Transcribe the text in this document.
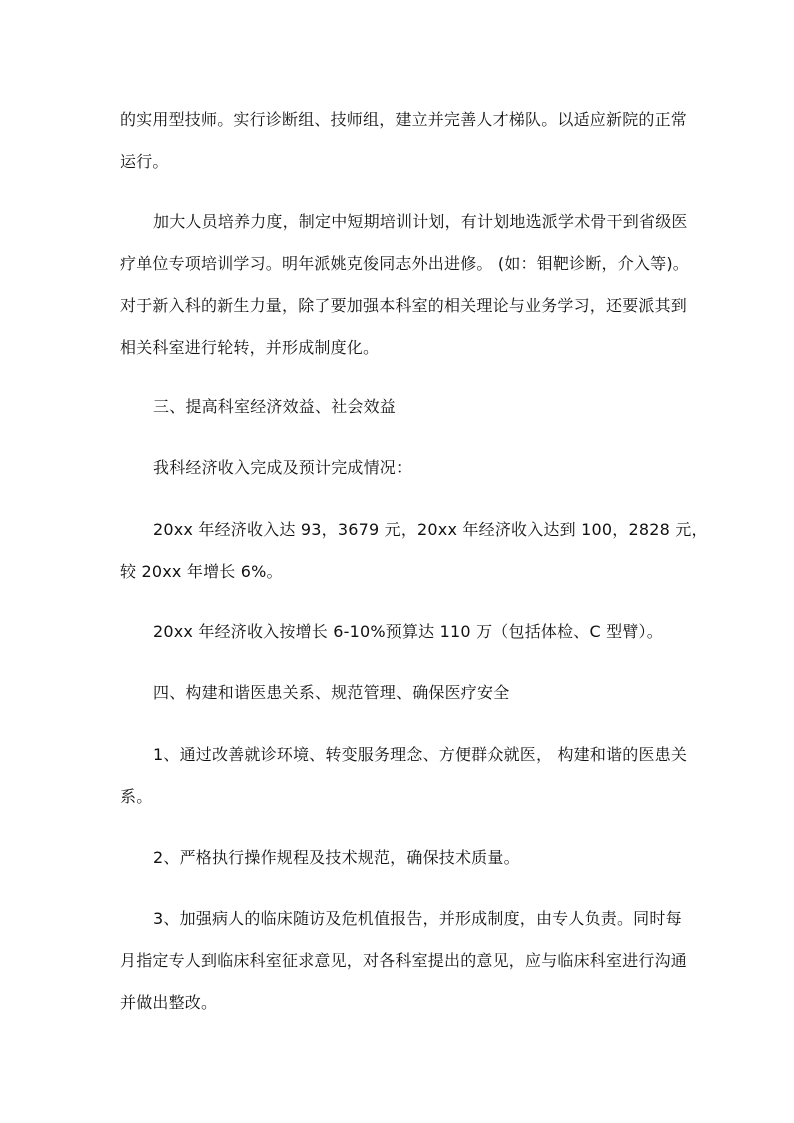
的实用型技师。实行诊断组、技师组，建立并完善人才梯队。以适应新院的正常

运行。

加大人员培养力度，制定中短期培训计划，有计划地选派学术骨干到省级医

疗单位专项培训学习。明年派姚克俊同志外出进修。 (如：钼靶诊断，介入等)。

对于新入科的新生力量，除了要加强本科室的相关理论与业务学习，还要派其到

相关科室进行轮转，并形成制度化。

三、提高科室经济效益、社会效益

我科经济收入完成及预计完成情况：

20xx 年经济收入达 93，3679 元，20xx 年经济收入达到 100，2828 元，

较 20xx 年增长 6%。

20xx 年经济收入按增长 6-10%预算达 110 万（包括体检、C 型臂）。

四、构建和谐医患关系、规范管理、确保医疗安全

1、通过改善就诊环境、转变服务理念、方便群众就医， 构建和谐的医患关

系。

2、严格执行操作规程及技术规范，确保技术质量。

3、加强病人的临床随访及危机值报告，并形成制度，由专人负责。同时每

月指定专人到临床科室征求意见，对各科室提出的意见，应与临床科室进行沟通

并做出整改。
